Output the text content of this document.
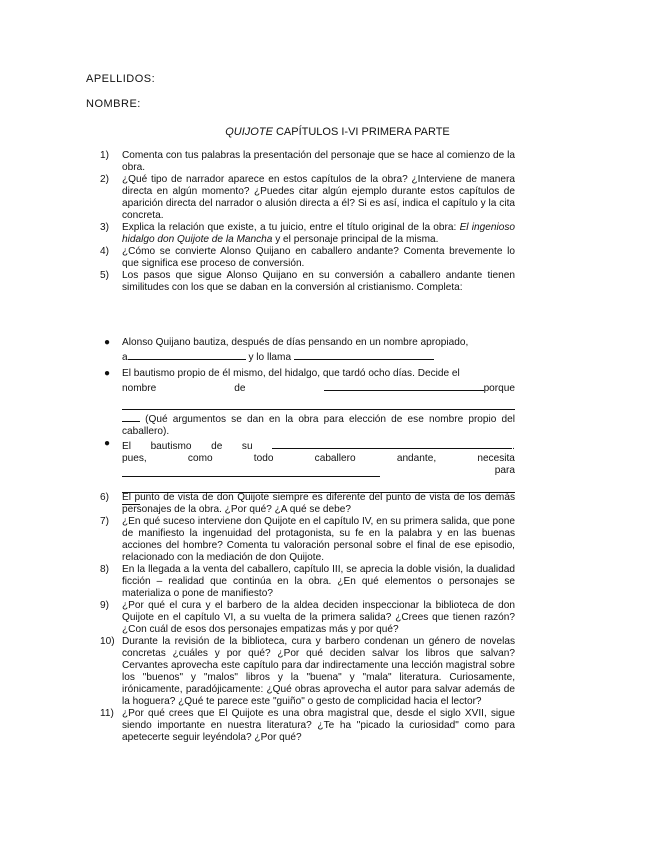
APELLIDOS:

NOMBRE:

QUIJOTE CAPÍTULOS I-VI PRIMERA PARTE

1)	Comenta con tus palabras la presentación del personaje que se hace al comienzo de la obra.
2)	¿Qué tipo de narrador aparece en estos capítulos de la obra? ¿Interviene de manera directa en algún momento? ¿Puedes citar algún ejemplo durante estos capítulos de aparición directa del narrador o alusión directa a él? Si es así, indica el capítulo y la cita concreta.
3)	Explica la relación que existe, a tu juicio, entre el título original de la obra: El ingenioso hidalgo don Quijote de la Mancha y el personaje principal de la misma.
4)	¿Cómo se convierte Alonso Quijano en caballero andante? Comenta brevemente lo que significa ese proceso de conversión.
5)	Los pasos que sigue Alonso Quijano en su conversión a caballero andante tienen similitudes con los que se daban en la conversión al cristianismo. Completa:
● Alonso Quijano bautiza, después de días pensando en un nombre apropiado,
a	y lo llama
● El bautismo propio de él mismo, del hidalgo, que tardó ocho días. Decide el
nombre	de	porque
(Qué argumentos se dan en la obra para elección de ese nombre propio del caballero).
● El bautismo de su	.
pues,	como	todo	caballero	andante,	necesita
para
6)	El punto de vista de don Quijote siempre es diferente del punto de vista de los demás personajes de la obra. ¿Por qué? ¿A qué se debe?
7)	¿En qué suceso interviene don Quijote en el capítulo IV, en su primera salida, que pone de manifiesto la ingenuidad del protagonista, su fe en la palabra y en las buenas acciones del hombre? Comenta tu valoración personal sobre el final de ese episodio, relacionado con la mediación de don Quijote.
8)	En la llegada a la venta del caballero, capítulo III, se aprecia la doble visión, la dualidad ficción – realidad que continúa en la obra. ¿En qué elementos o personajes se materializa o pone de manifiesto?
9)	¿Por qué el cura y el barbero de la aldea deciden inspeccionar la biblioteca de don Quijote en el capítulo VI, a su vuelta de la primera salida? ¿Crees que tienen razón? ¿Con cuál de esos dos personajes empatizas más y por qué?
10) Durante la revisión de la biblioteca, cura y barbero condenan un género de novelas concretas ¿cuáles y por qué? ¿Por qué deciden salvar los libros que salvan? Cervantes aprovecha este capítulo para dar indirectamente una lección magistral sobre los "buenos" y "malos" libros y la "buena" y "mala" literatura. Curiosamente, irónicamente, paradójicamente: ¿Qué obras aprovecha el autor para salvar además de la hoguera? ¿Qué te parece este "guiño" o gesto de complicidad hacia el lector?
11) ¿Por qué crees que El Quijote es una obra magistral que, desde el siglo XVII, sigue siendo importante en nuestra literatura? ¿Te ha "picado la curiosidad" como para apetecerte seguir leyéndola? ¿Por qué?
